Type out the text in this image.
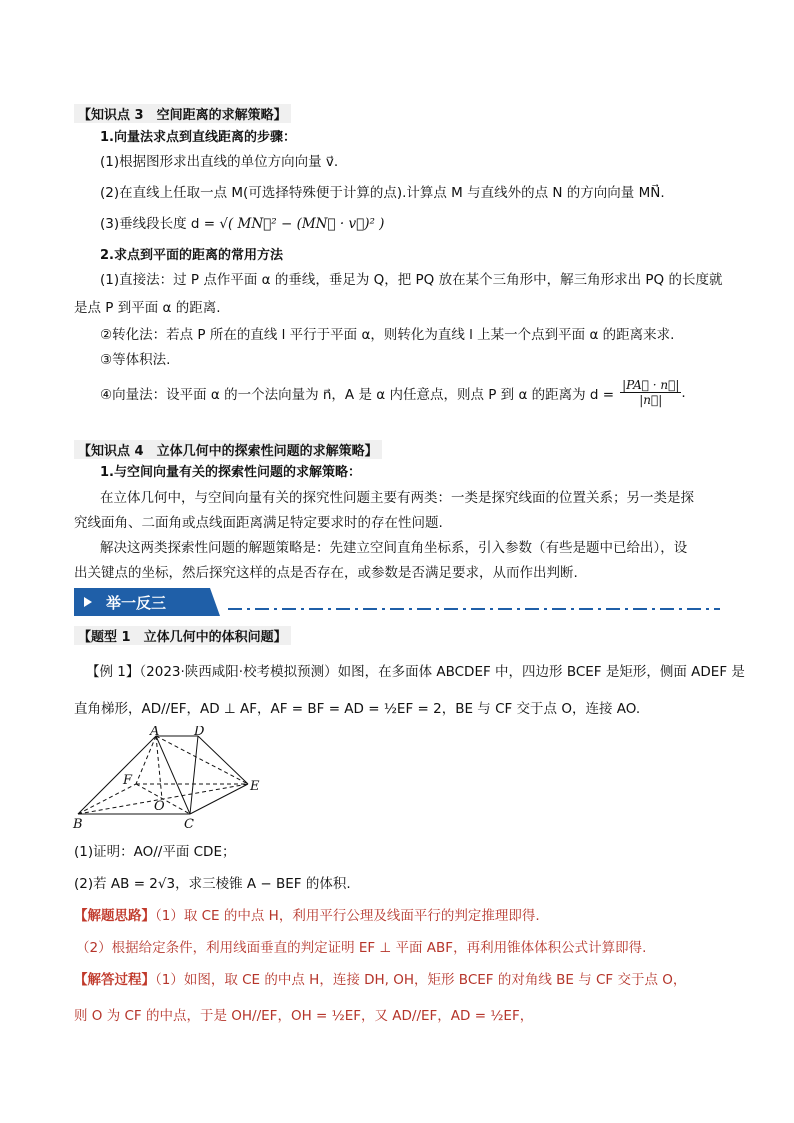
【知识点 3　空间距离的求解策略】
1.向量法求点到直线距离的步骤：
(1)根据图形求出直线的单位方向向量 v⃗.
(2)在直线上任取一点 M(可选择特殊便于计算的点).计算点 M 与直线外的点 N 的方向向量 MN⃗.
(3)垂线段长度 d = √( MN⃗² − (MN⃗ · v⃗)² )
2.求点到平面的距离的常用方法
(1)直接法：过 P 点作平面 α 的垂线，垂足为 Q，把 PQ 放在某个三角形中，解三角形求出 PQ 的长度就
是点 P 到平面 α 的距离.
②转化法：若点 P 所在的直线 l 平行于平面 α，则转化为直线 l 上某一个点到平面 α 的距离来求.
③等体积法.
④向量法：设平面 α 的一个法向量为 n⃗，A 是 α 内任意点，则点 P 到 α 的距离为 $d = \frac{|PA⃗ \cdot n⃗|}{|n⃗|}$ .
【知识点 4　立体几何中的探索性问题的求解策略】
1.与空间向量有关的探索性问题的求解策略：
在立体几何中，与空间向量有关的探究性问题主要有两类：一类是探究线面的位置关系；另一类是探
究线面角、二面角或点线面距离满足特定要求时的存在性问题.
解决这两类探索性问题的解题策略是：先建立空间直角坐标系，引入参数（有些是题中已给出），设
出关键点的坐标，然后探究这样的点是否存在，或参数是否满足要求，从而作出判断.
举一反三
【题型 1　立体几何中的体积问题】
【例 1】（2023·陕西咸阳·校考模拟预测）如图，在多面体 ABCDEF 中，四边形 BCEF 是矩形，侧面 ADEF 是
直角梯形，AD//EF，AD ⊥ AF，AF = BF = AD = ½EF = 2，BE 与 CF 交于点 O，连接 AO.
A	D
F	E
O
B	C
(1)证明：AO//平面 CDE；
(2)若 AB = 2√3，求三棱锥 A − BEF 的体积.
【解题思路】（1）取 CE 的中点 H，利用平行公理及线面平行的判定推理即得.
（2）根据给定条件，利用线面垂直的判定证明 EF ⊥ 平面 ABF，再利用锥体体积公式计算即得.
【解答过程】（1）如图，取 CE 的中点 H，连接 DH, OH，矩形 BCEF 的对角线 BE 与 CF 交于点 O，
则 O 为 CF 的中点，于是 OH//EF，OH = ½EF，又 AD//EF，AD = ½EF，
